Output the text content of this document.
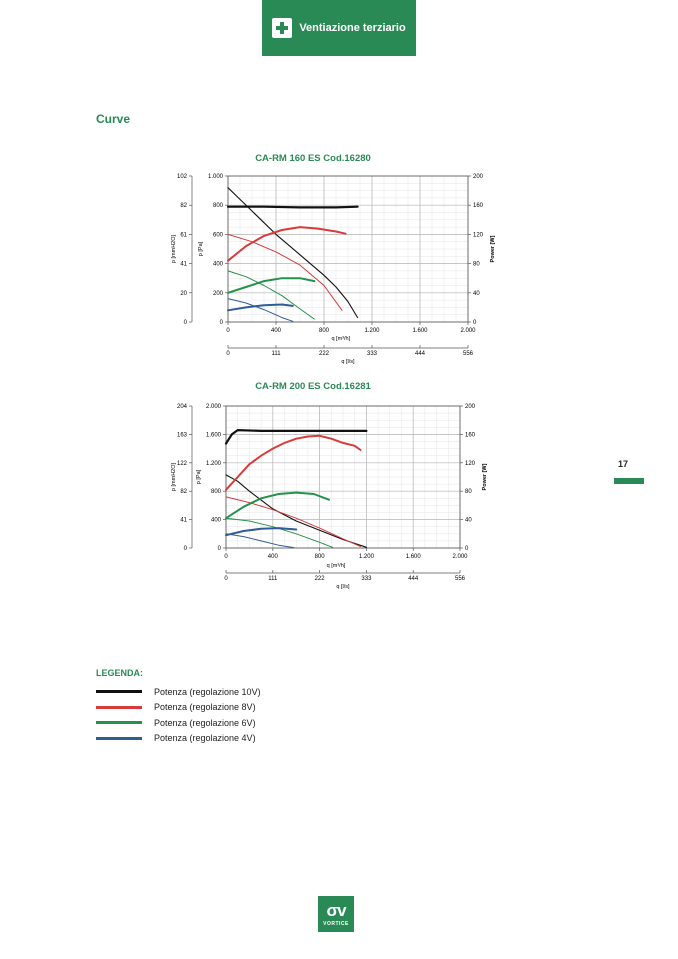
Ventiazione terziario
Curve
17
CA-RM 160 ES Cod.16280
0	400	800	1.200	1.600	2.000
q [m³/h]
0
200
400
600
800
1.000
p [Pa]
0
20
41
61
82
102
p [mmH2O]
0
40
80
120
160
200
Power [W]
0	111	222	333	444	556
q [l/s]
CA-RM 200 ES Cod.16281
0	400	800	1.200	1.600	2.000
q [m³/h]
0
400
800
1.200
1.600
2.000
p [Pa]
0
41
82
122
163
204
p [mmH2O]
0
40
80
120
160
200
Power [W]
0	111	222	333	444	556
q [l/s]
LEGENDA:
Potenza (regolazione 10V)
Potenza (regolazione 8V)
Potenza (regolazione 6V)
Potenza (regolazione 4V)
σv
VORTICE
